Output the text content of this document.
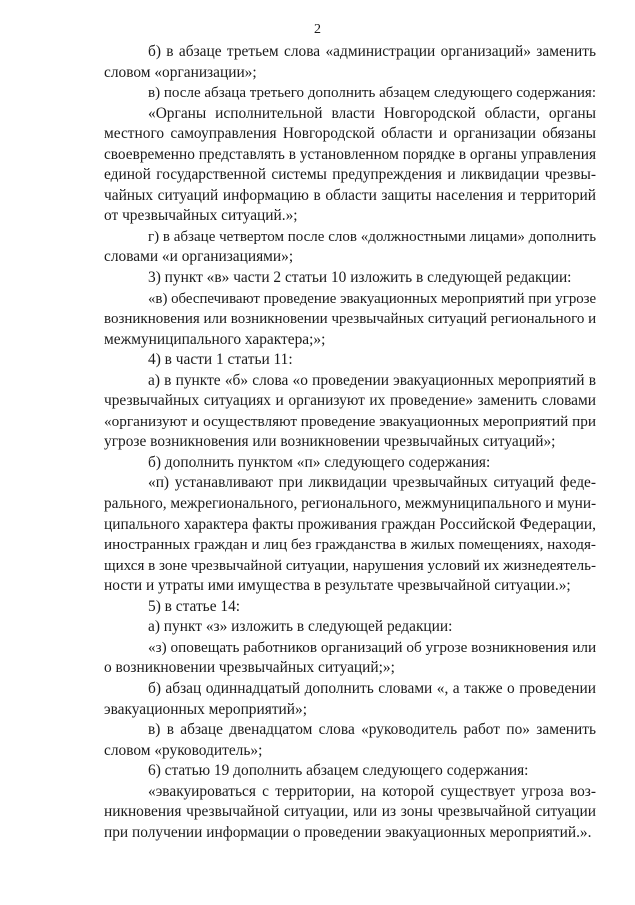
2
б) в абзаце третьем слова «администрации организаций» заменить
словом «организации»;
в) после абзаца третьего дополнить абзацем следующего содержания:
«Органы исполнительной власти Новгородской области, органы
местного самоуправления Новгородской области и организации обязаны
своевременно представлять в установленном порядке в органы управления
единой государственной системы предупреждения и ликвидации чрезвы-
чайных ситуаций информацию в области защиты населения и территорий
от чрезвычайных ситуаций.»;
г) в абзаце четвертом после слов «должностными лицами» дополнить
словами «и организациями»;
3) пункт «в» части 2 статьи 10 изложить в следующей редакции:
«в) обеспечивают проведение эвакуационных мероприятий при угрозе
возникновения или возникновении чрезвычайных ситуаций регионального и
межмуниципального характера;»;
4) в части 1 статьи 11:
а) в пункте «б» слова «о проведении эвакуационных мероприятий в
чрезвычайных ситуациях и организуют их проведение» заменить словами
«организуют и осуществляют проведение эвакуационных мероприятий при
угрозе возникновения или возникновении чрезвычайных ситуаций»;
б) дополнить пунктом «п» следующего содержания:
«п) устанавливают при ликвидации чрезвычайных ситуаций феде-
рального, межрегионального, регионального, межмуниципального и муни-
ципального характера факты проживания граждан Российской Федерации,
иностранных граждан и лиц без гражданства в жилых помещениях, находя-
щихся в зоне чрезвычайной ситуации, нарушения условий их жизнедеятель-
ности и утраты ими имущества в результате чрезвычайной ситуации.»;
5) в статье 14:
а) пункт «з» изложить в следующей редакции:
«з) оповещать работников организаций об угрозе возникновения или
о возникновении чрезвычайных ситуаций;»;
б) абзац одиннадцатый дополнить словами «, а также о проведении
эвакуационных мероприятий»;
в) в абзаце двенадцатом слова «руководитель работ по» заменить
словом «руководитель»;
6) статью 19 дополнить абзацем следующего содержания:
«эвакуироваться с территории, на которой существует угроза воз-
никновения чрезвычайной ситуации, или из зоны чрезвычайной ситуации
при получении информации о проведении эвакуационных мероприятий.».
